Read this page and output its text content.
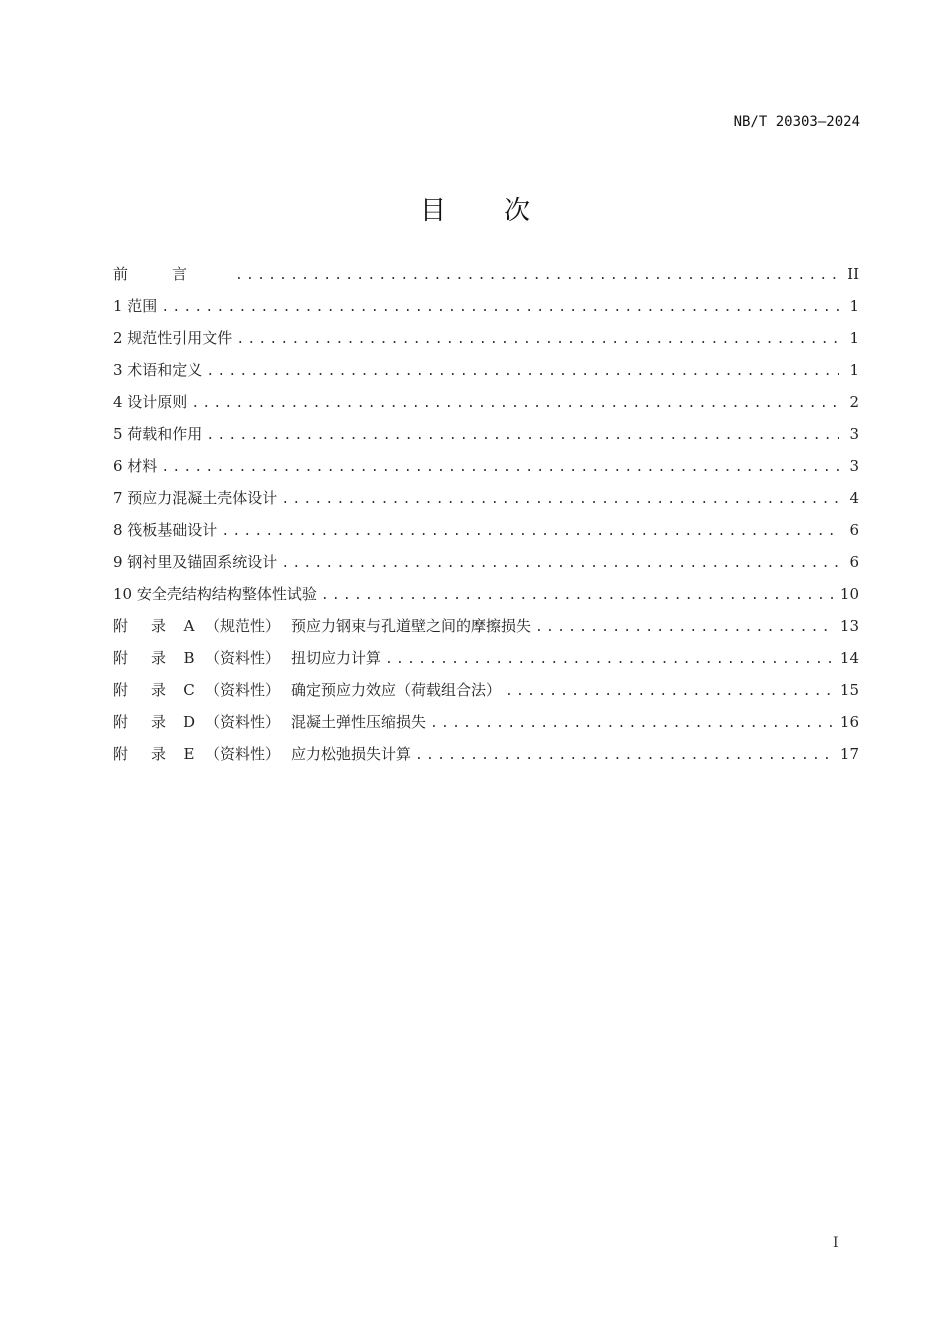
NB/T 20303—2024

目次
前言 .....	II
1 范围 .....	1
2 规范性引用文件 .....	1
3 术语和定义 .....	1
4 设计原则 .....	2
5 荷载和作用 .....	3
6 材料 .....	3
7 预应力混凝土壳体设计 .....	4
8 筏板基础设计 .....	6
9 钢衬里及锚固系统设计 .....	6
10 安全壳结构结构整体性试验 .....	10
附 录 A （规范性） 预应力钢束与孔道壁之间的摩擦损失 .....	13
附 录 B （资料性） 扭切应力计算 .....	14
附 录 C （资料性） 确定预应力效应（荷载组合法） .....	15
附 录 D （资料性） 混凝土弹性压缩损失 .....	16
附 录 E （资料性） 应力松弛损失计算 .....	17

I
